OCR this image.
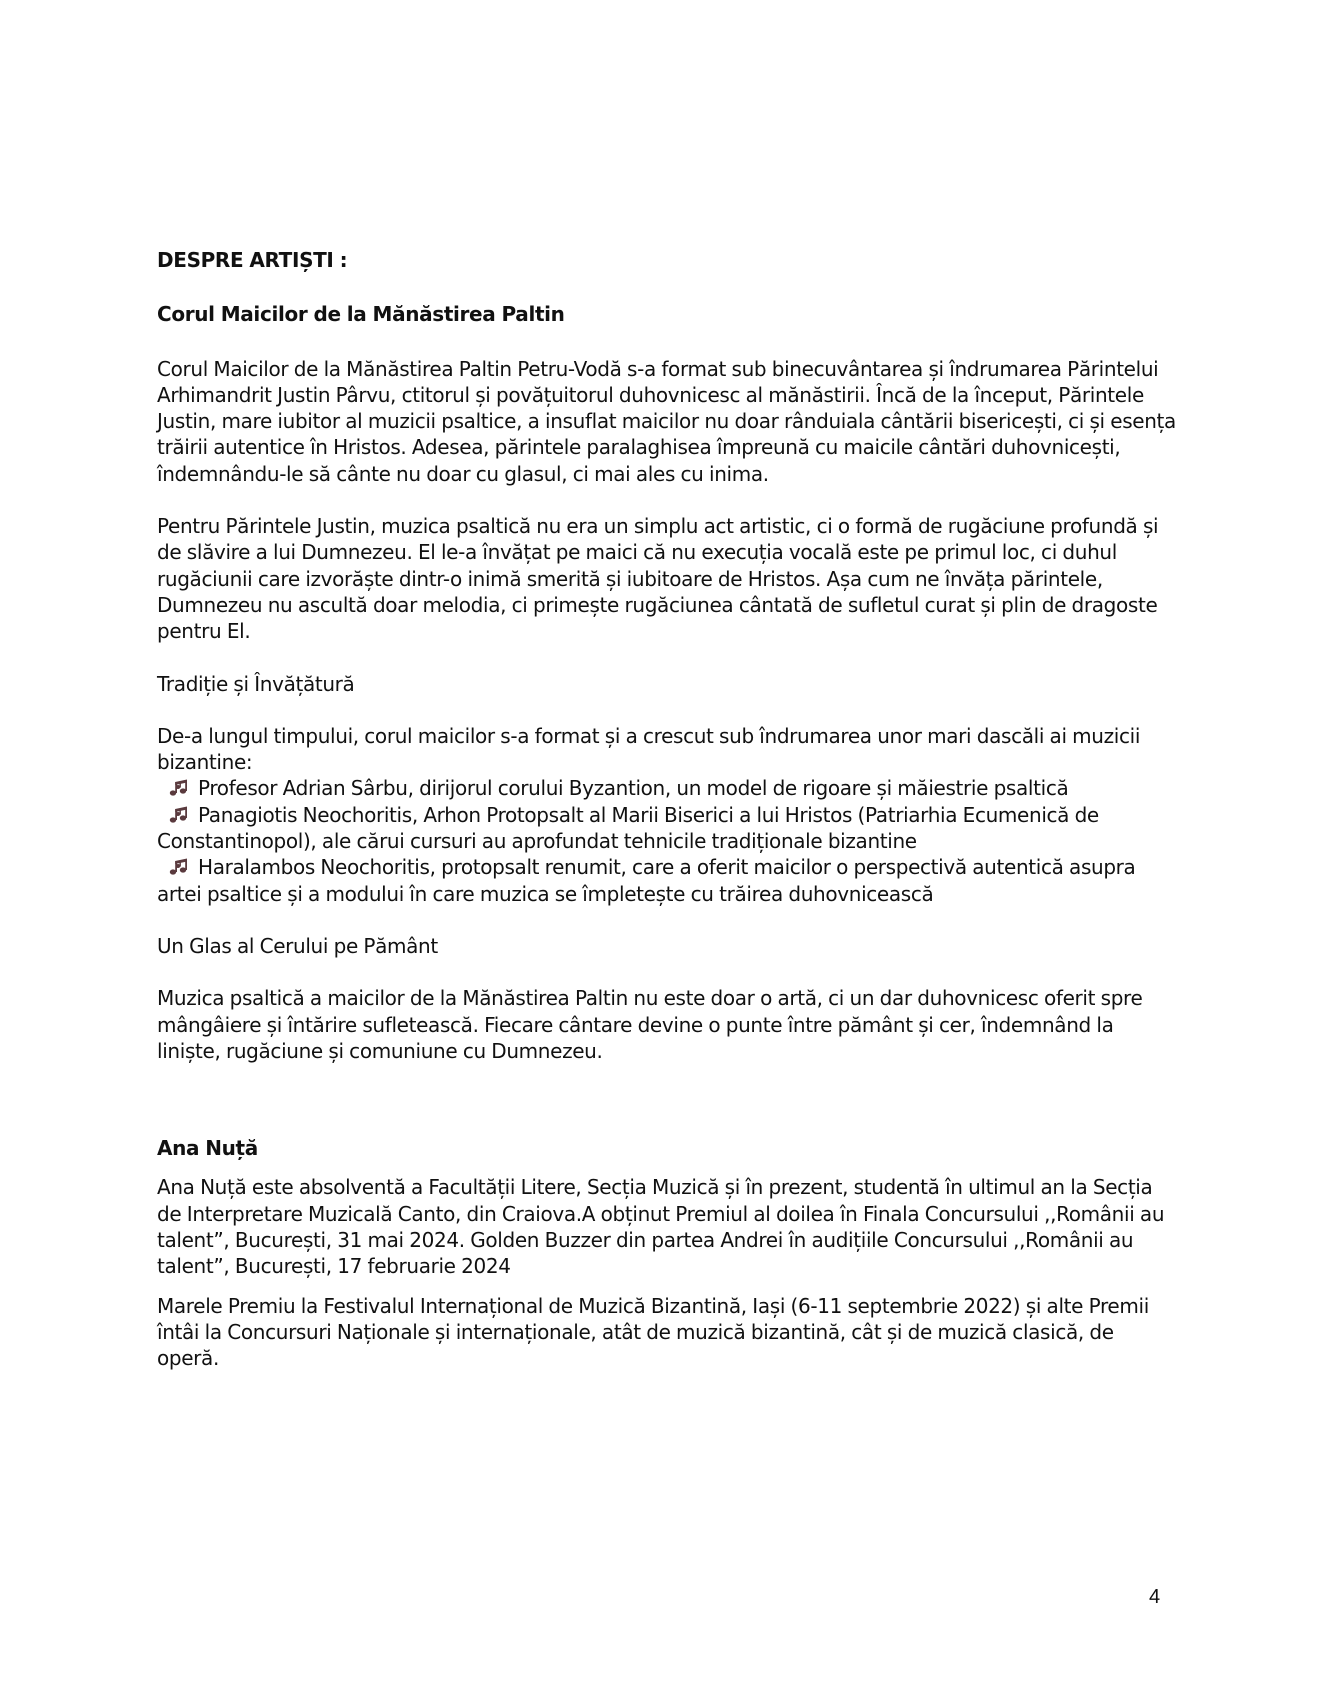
DESPRE ARTIȘTI :

Corul Maicilor de la Mănăstirea Paltin

Corul Maicilor de la Mănăstirea Paltin Petru-Vodă s-a format sub binecuvântarea și îndrumarea Părintelui Arhimandrit Justin Pârvu, ctitorul și povățuitorul duhovnicesc al mănăstirii. Încă de la început, Părintele Justin, mare iubitor al muzicii psaltice, a insuflat maicilor nu doar rânduiala cântării bisericești, ci și esența trăirii autentice în Hristos. Adesea, părintele paralaghisea împreună cu maicile cântări duhovnicești, îndemnându-le să cânte nu doar cu glasul, ci mai ales cu inima.

Pentru Părintele Justin, muzica psaltică nu era un simplu act artistic, ci o formă de rugăciune profundă și de slăvire a lui Dumnezeu. El le-a învățat pe maici că nu execuția vocală este pe primul loc, ci duhul rugăciunii care izvorăște dintr-o inimă smerită și iubitoare de Hristos. Așa cum ne învăța părintele, Dumnezeu nu ascultă doar melodia, ci primește rugăciunea cântată de sufletul curat și plin de dragoste pentru El.

Tradiție și Învățătură

De-a lungul timpului, corul maicilor s-a format și a crescut sub îndrumarea unor mari dascăli ai muzicii bizantine:

Profesor Adrian Sârbu, dirijorul corului Byzantion, un model de rigoare și măiestrie psaltică
Panagiotis Neochoritis, Arhon Protopsalt al Marii Biserici a lui Hristos (Patriarhia Ecumenică de Constantinopol), ale cărui cursuri au aprofundat tehnicile tradiționale bizantine
Haralambos Neochoritis, protopsalt renumit, care a oferit maicilor o perspectivă autentică asupra artei psaltice și a modului în care muzica se împletește cu trăirea duhovnicească

Un Glas al Cerului pe Pământ

Muzica psaltică a maicilor de la Mănăstirea Paltin nu este doar o artă, ci un dar duhovnicesc oferit spre mângâiere și întărire sufletească. Fiecare cântare devine o punte între pământ și cer, îndemnând la liniște, rugăciune și comuniune cu Dumnezeu.

Ana Nuță

Ana Nuță este absolventă a Facultății Litere, Secția Muzică și în prezent, studentă în ultimul an la Secția de Interpretare Muzicală Canto, din Craiova.A obținut Premiul al doilea în Finala Concursului ,,Românii au talent”, București, 31 mai 2024. Golden Buzzer din partea Andrei în audițiile Concursului ,,Românii au talent”, București, 17 februarie 2024

Marele Premiu la Festivalul Internațional de Muzică Bizantină, Iași (6-11 septembrie 2022) și alte Premii întâi la Concursuri Naționale și internaționale, atât de muzică bizantină, cât și de muzică clasică, de operă.

4
